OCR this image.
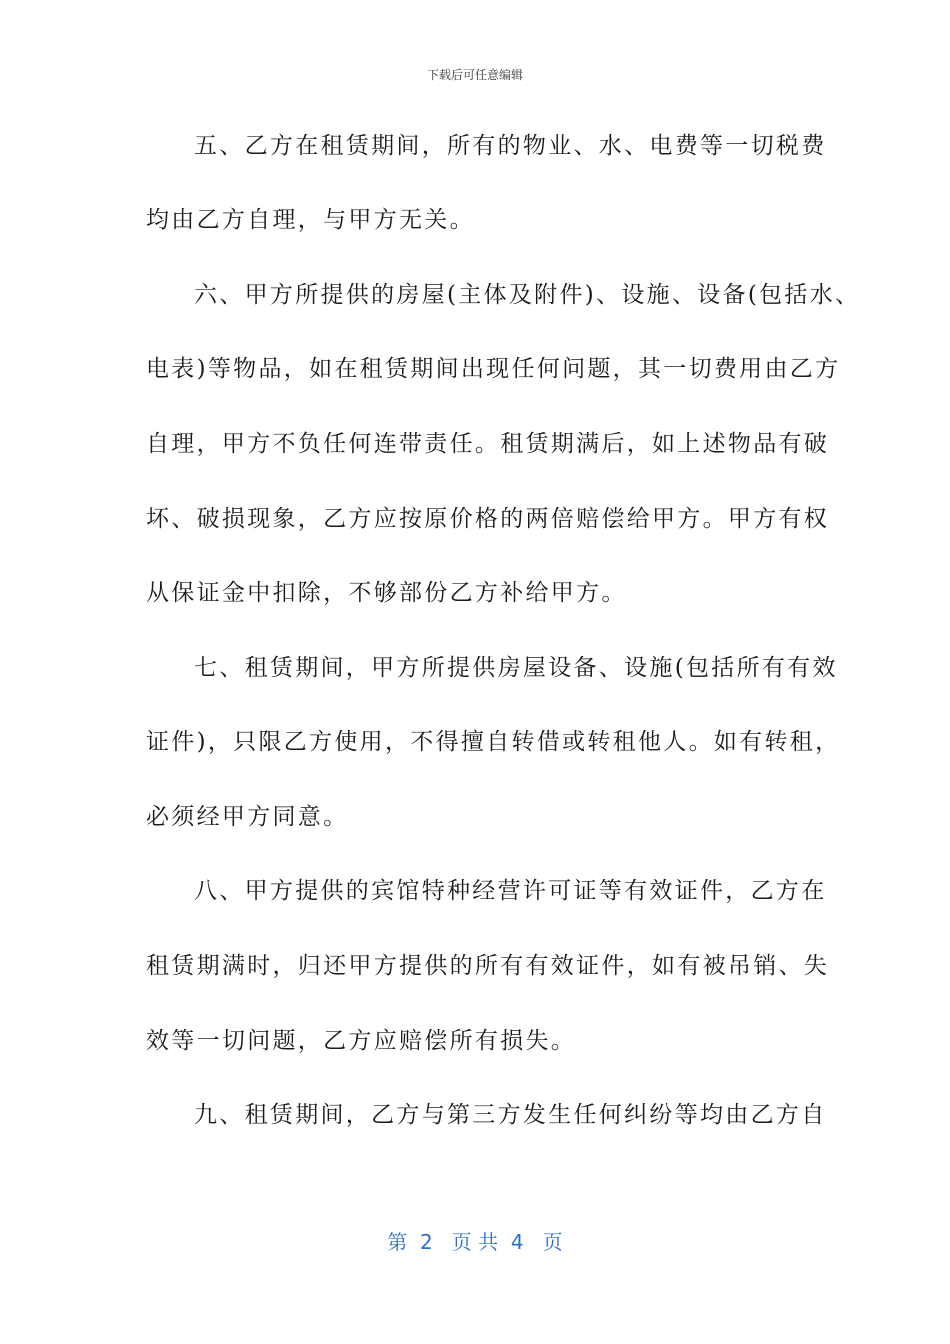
下载后可任意编辑
五、乙方在租赁期间，所有的物业、水、电费等一切税费
均由乙方自理，与甲方无关。
六、甲方所提供的房屋(主体及附件)、设施、设备(包括水、
电表)等物品，如在租赁期间出现任何问题，其一切费用由乙方
自理，甲方不负任何连带责任。租赁期满后，如上述物品有破
坏、破损现象，乙方应按原价格的两倍赔偿给甲方。甲方有权
从保证金中扣除，不够部份乙方补给甲方。
七、租赁期间，甲方所提供房屋设备、设施(包括所有有效
证件)，只限乙方使用，不得擅自转借或转租他人。如有转租，
必须经甲方同意。
八、甲方提供的宾馆特种经营许可证等有效证件，乙方在
租赁期满时，归还甲方提供的所有有效证件，如有被吊销、失
效等一切问题，乙方应赔偿所有损失。
九、租赁期间，乙方与第三方发生任何纠纷等均由乙方自
第  2   页 共  4   页
